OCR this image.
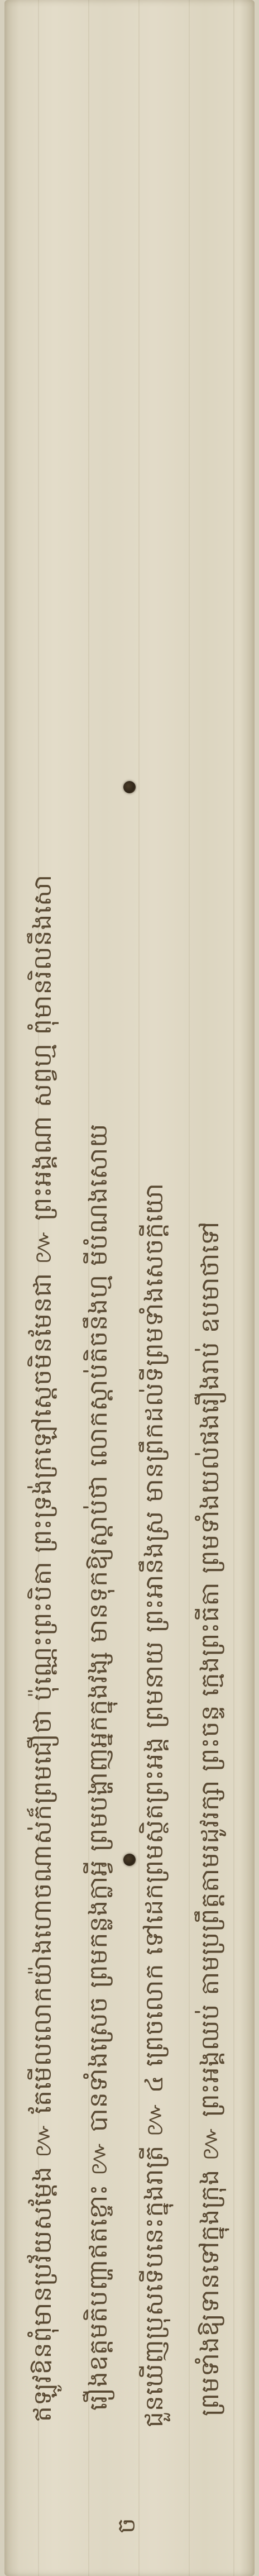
ច
ឥឡូវឱនពុំមានប្រវ័យសម្ដែង ៚ តែមើលលោកយ៉ាងហោចណាស់ក៏ព្រមជឿថា ប៉ុណ្ណេះព្រះបិតា ព្រះទ្រង់ក្រឡៅស្ដេចមិនមែនជា ៚ ព្រះអង្គណា សព្វហ្ម ពុំមានរិលនឹងសោ រឿងឧត្តមតិបញ្ហាឥតខ្ចោះ ៚ បានទាំងស្រេច ព្រមកន្លងក្លាអ្វី ព្រមបង្ហាញអ្នកក្នុងវង្ស មានទុកឱ្យស្ដាប់ថា លោកស្ដាប់តិចនឹងហ្ម មីបំណងសោយ ជួនឃើញប្រុសទើបនេះក្នុងរាត្រី ៚ ៤ ព្រេចលោក ទៅដេកព្រមស្ថិតព្រះអង្គ ព្រមនាយ ព្រះអានឹងស្រ មានព្រឹកដល់ទីព្រមទាំងសេចក្ដីយោ ព្រមទាំងឱ្យទានទៅក្នុងក្រុង ៚ ព្រះអង្គឈប់ តាមប្រព្រឹត្តតាមរដូវរក្សា ព្រះចន្ទ ក្មេងព្រះធីតា ព្រមទាំងយល់ផងរឿងរាប់ ឧបមាថាទៅ
